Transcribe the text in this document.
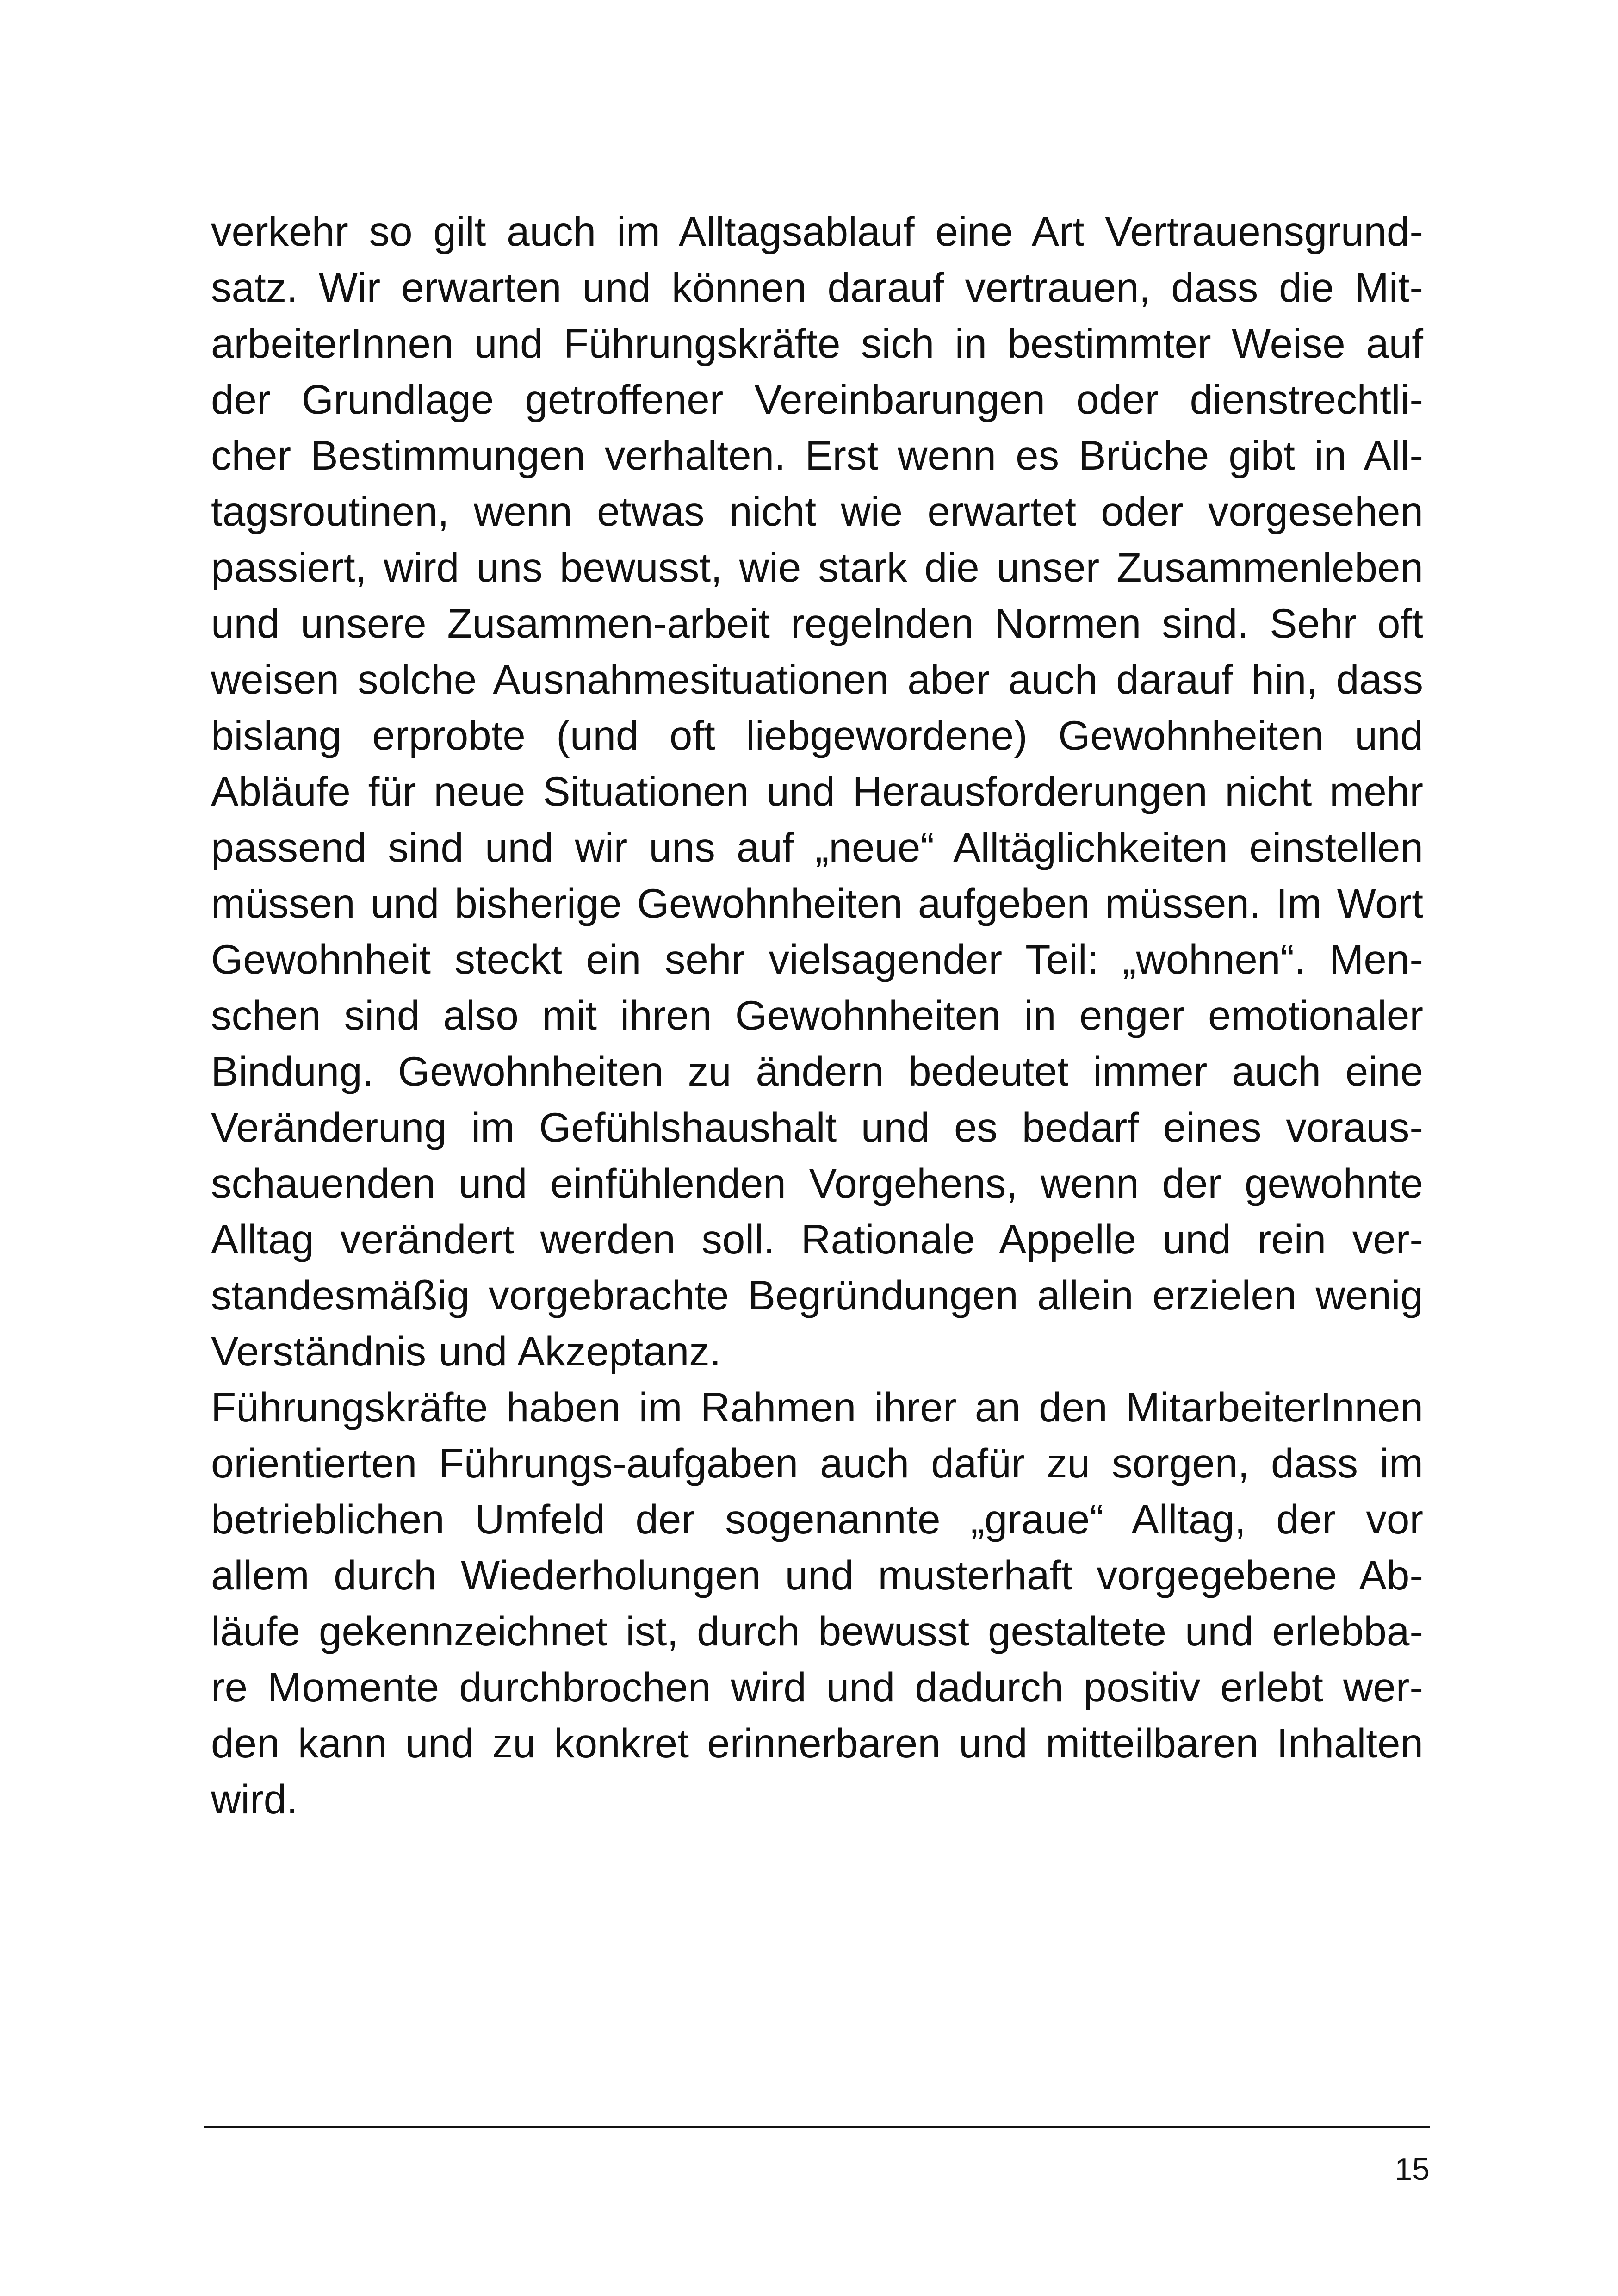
verkehr so gilt auch im Alltagsablauf eine Art Vertrauensgrund-
satz. Wir erwarten und können darauf vertrauen, dass die Mit-
arbeiterInnen und Führungskräfte sich in bestimmter Weise auf
der Grundlage getroffener Vereinbarungen oder dienstrechtli-
cher Bestimmungen verhalten. Erst wenn es Brüche gibt in All-
tagsroutinen, wenn etwas nicht wie erwartet oder vorgesehen
passiert, wird uns bewusst, wie stark die unser Zusammenleben
und unsere Zusammen-arbeit regelnden Normen sind. Sehr oft
weisen solche Ausnahmesituationen aber auch darauf hin, dass
bislang erprobte (und oft liebgewordene) Gewohnheiten und
Abläufe für neue Situationen und Herausforderungen nicht mehr
passend sind und wir uns auf „neue“ Alltäglichkeiten einstellen
müssen und bisherige Gewohnheiten aufgeben müssen. Im Wort
Gewohnheit steckt ein sehr vielsagender Teil: „wohnen“. Men-
schen sind also mit ihren Gewohnheiten in enger emotionaler
Bindung. Gewohnheiten zu ändern bedeutet immer auch eine
Veränderung im Gefühlshaushalt und es bedarf eines voraus-
schauenden und einfühlenden Vorgehens, wenn der gewohnte
Alltag verändert werden soll. Rationale Appelle und rein ver-
standesmäßig vorgebrachte Begründungen allein erzielen wenig
Verständnis und Akzeptanz.
Führungskräfte haben im Rahmen ihrer an den MitarbeiterInnen
orientierten Führungs-aufgaben auch dafür zu sorgen, dass im
betrieblichen Umfeld der sogenannte „graue“ Alltag, der vor
allem durch Wiederholungen und musterhaft vorgegebene Ab-
läufe gekennzeichnet ist, durch bewusst gestaltete und erlebba-
re Momente durchbrochen wird und dadurch positiv erlebt wer-
den kann und zu konkret erinnerbaren und mitteilbaren Inhalten
wird.
15
